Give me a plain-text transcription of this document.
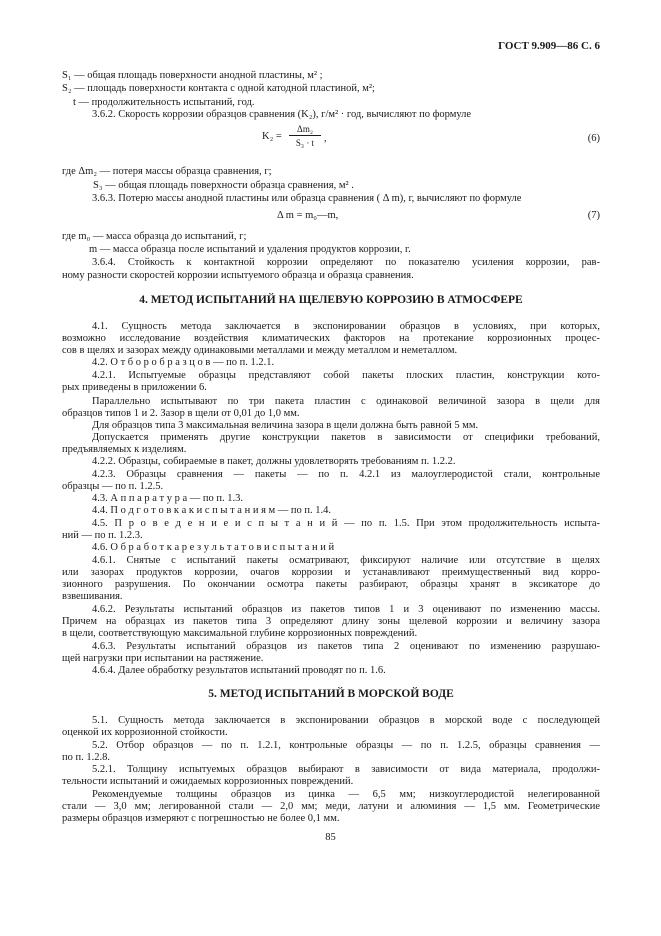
ГОСТ 9.909—86 С. 6
S₁ — общая площадь поверхности анодной пластины, м² ;
S₂ — площадь поверхности контакта с одной катодной пластиной, м²;
t — продолжительность испытаний, год.
3.6.2. Скорость коррозии образцов сравнения (K₂), г/м² · год, вычисляют по формуле
K₂ =
Δm₂
S₃ · t ,	(6)
где Δm₂ — потеря массы образца сравнения, г;
S₃ — общая площадь поверхности образца сравнения, м² .
3.6.3. Потерю массы анодной пластины или образца сравнения ( Δ m), г, вычисляют по формуле
Δ m = m₀—m,	(7)
где m₀ — масса образца до испытаний, г;
m — масса образца после испытаний и удаления продуктов коррозии, г.
3.6.4. Стойкость к контактной коррозии определяют по показателю усиления коррозии, рав-
ному разности скоростей коррозии испытуемого образца и образца сравнения.
4. МЕТОД ИСПЫТАНИЙ НА ЩЕЛЕВУЮ КОРРОЗИЮ В АТМОСФЕРЕ
4.1. Сущность метода заключается в экспонировании образцов в условиях, при которых,
возможно исследование воздействия климатических факторов на протекание коррозионных процес-
сов в щелях и зазорах между одинаковыми металлами и между металлом и неметаллом.
4.2. О т б о р о б р а з ц о в — по п. 1.2.1.
4.2.1. Испытуемые образцы представляют собой пакеты плоских пластин, конструкции кото-
рых приведены в приложении 6.
Параллельно испытывают по три пакета пластин с одинаковой величиной зазора в щели для
образцов типов 1 и 2. Зазор в щели от 0,01 до 1,0 мм.
Для образцов типа 3 максимальная величина зазора в щели должна быть равной 5 мм.
Допускается применять другие конструкции пакетов в зависимости от специфики требований,
предъявляемых к изделиям.
4.2.2. Образцы, собираемые в пакет, должны удовлетворять требованиям п. 1.2.2.
4.2.3. Образцы сравнения — пакеты — по п. 4.2.1 из малоуглеродистой стали, контрольные
образцы — по п. 1.2.5.
4.3. А п п а р а т у р а — по п. 1.3.
4.4. П о д г о т о в к а к и с п ы т а н и я м — по п. 1.4.
4.5. П р о в е д е н и е и с п ы т а н и й — по п. 1.5. При этом продолжительность испыта-
ний — по п. 1.2.3.
4.6. О б р а б о т к а р е з у л ь т а т о в и с п ы т а н и й
4.6.1. Снятые с испытаний пакеты осматривают, фиксируют наличие или отсутствие в щелях
или зазорах продуктов коррозии, очагов коррозии и устанавливают преимущественный вид корро-
зионного разрушения. По окончании осмотра пакеты разбирают, образцы хранят в эксикаторе до
взвешивания.
4.6.2. Результаты испытаний образцов из пакетов типов 1 и 3 оценивают по изменению массы.
Причем на образцах из пакетов типа 3 определяют длину зоны щелевой коррозии и величину зазора
в щели, соответствующую максимальной глубине коррозионных повреждений.
4.6.3. Результаты испытаний образцов из пакетов типа 2 оценивают по изменению разрушаю-
щей нагрузки при испытании на растяжение.
4.6.4. Далее обработку результатов испытаний проводят по п. 1.6.
5. МЕТОД ИСПЫТАНИЙ В МОРСКОЙ ВОДЕ
5.1. Сущность метода заключается в экспонировании образцов в морской воде с последующей
оценкой их коррозионной стойкости.
5.2. Отбор образцов — по п. 1.2.1, контрольные образцы — по п. 1.2.5, образцы сравнения —
по п. 1.2.8.
5.2.1. Толщину испытуемых образцов выбирают в зависимости от вида материала, продолжи-
тельности испытаний и ожидаемых коррозионных повреждений.
Рекомендуемые толщины образцов из цинка — 6,5 мм; низкоуглеродистой нелегированной
стали — 3,0 мм; легированной стали — 2,0 мм; меди, латуни и алюминия — 1,5 мм. Геометрические
размеры образцов измеряют с погрешностью не более 0,1 мм.
85
